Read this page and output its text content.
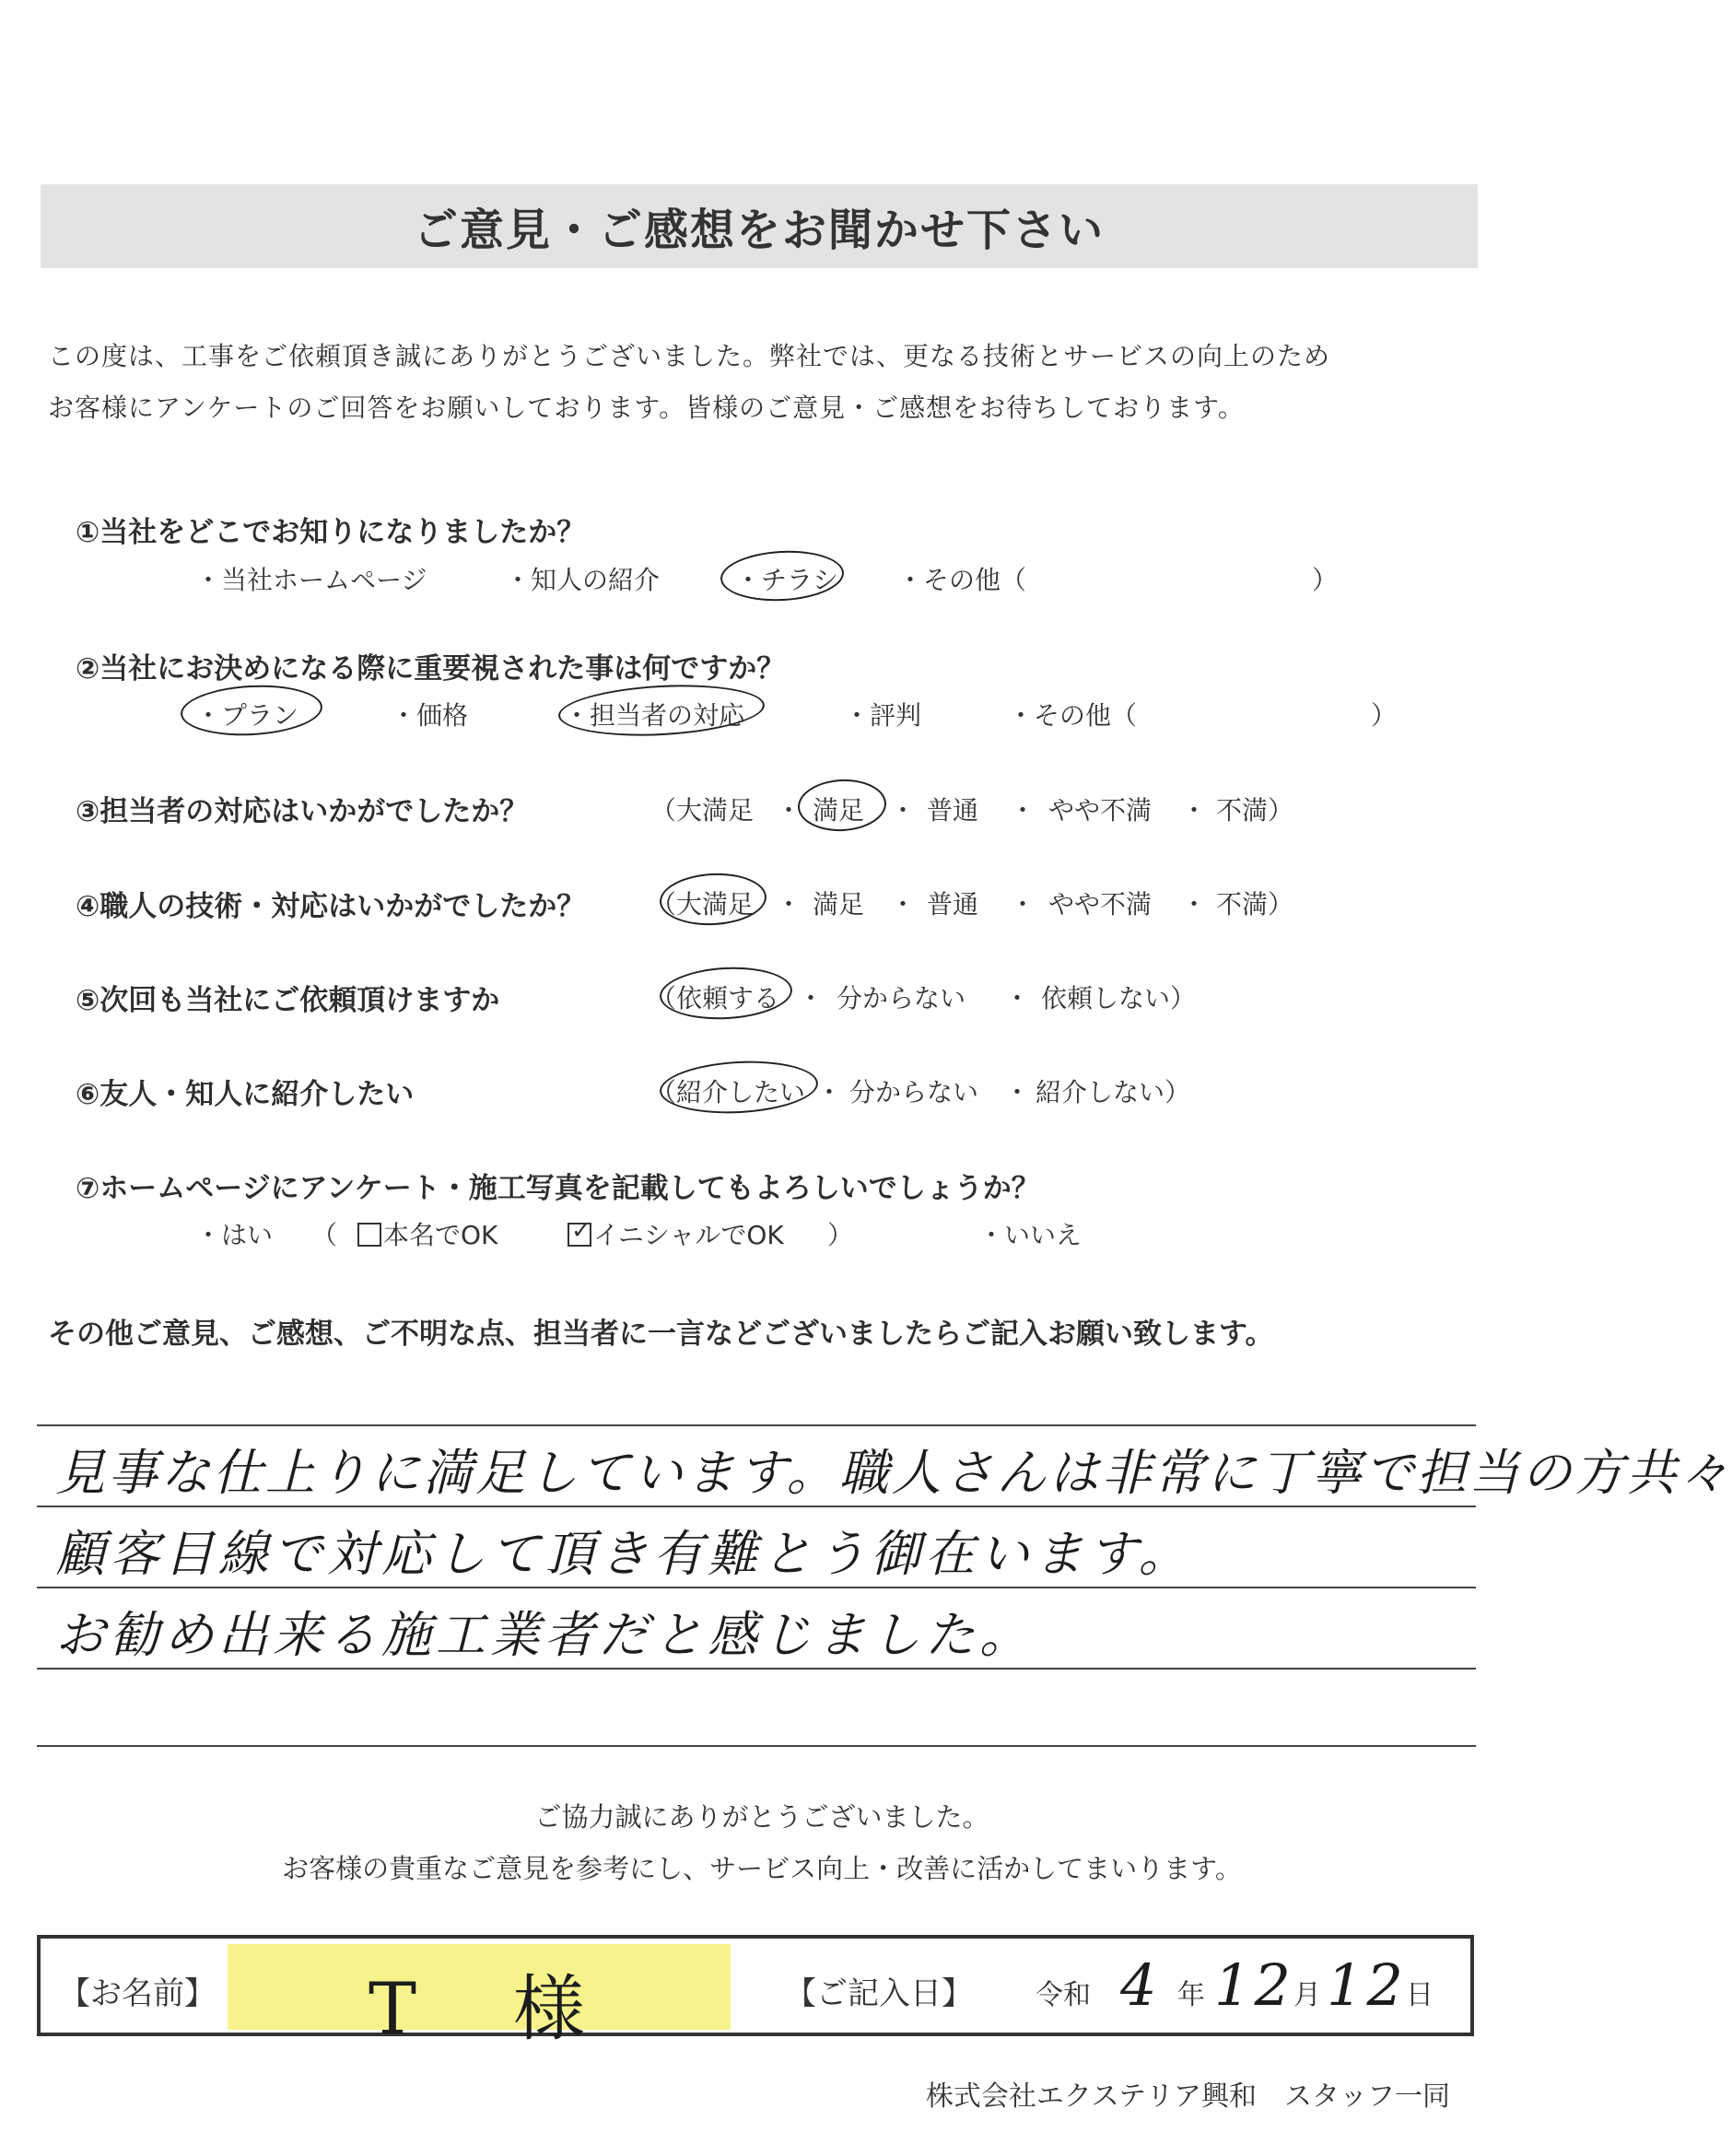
ご意見・ご感想をお聞かせ下さい
この度は、工事をご依頼頂き誠にありがとうございました。弊社では、更なる技術とサービスの向上のため
お客様にアンケートのご回答をお願いしております。皆様のご意見・ご感想をお待ちしております。
①当社をどこでお知りになりましたか？
・当社ホームページ	・知人の紹介	・チラシ ・その他（	）
②当社にお決めになる際に重要視された事は何ですか？
・プラン	・価格	・担当者の対応	・評判	・その他（	）
③担当者の対応はいかがでしたか？	（大満足 ・ 満足 ・ 普通 ・ やや不満 ・ 不満）
④職人の技術・対応はいかがでしたか？	（大満足 ・ 満足 ・ 普通 ・ やや不満 ・ 不満）
⑤次回も当社にご依頼頂けますか	（依頼する ・ 分からない ・ 依頼しない）
⑥友人・知人に紹介したい	（紹介したい ・ 分からない ・ 紹介しない）
⑦ホームページにアンケート・施工写真を記載してもよろしいでしょうか？
・はい （	本名でOK	✓ イニシャルでOK ）	・いいえ
その他ご意見、ご感想、ご不明な点、担当者に一言などございましたらご記入お願い致します。
見事な仕上りに満足しています。職人さんは非常に丁寧で担当の方共々
顧客目線で対応して頂き有難とう御在います。
お勧め出来る施工業者だと感じました。
ご協力誠にありがとうございました。
お客様の貴重なご意見を参考にし、サービス向上・改善に活かしてまいります。
【お名前】 T 様	【ご記入日】 令和 4 年 12 月 12 日
株式会社エクステリア興和　スタッフ一同
